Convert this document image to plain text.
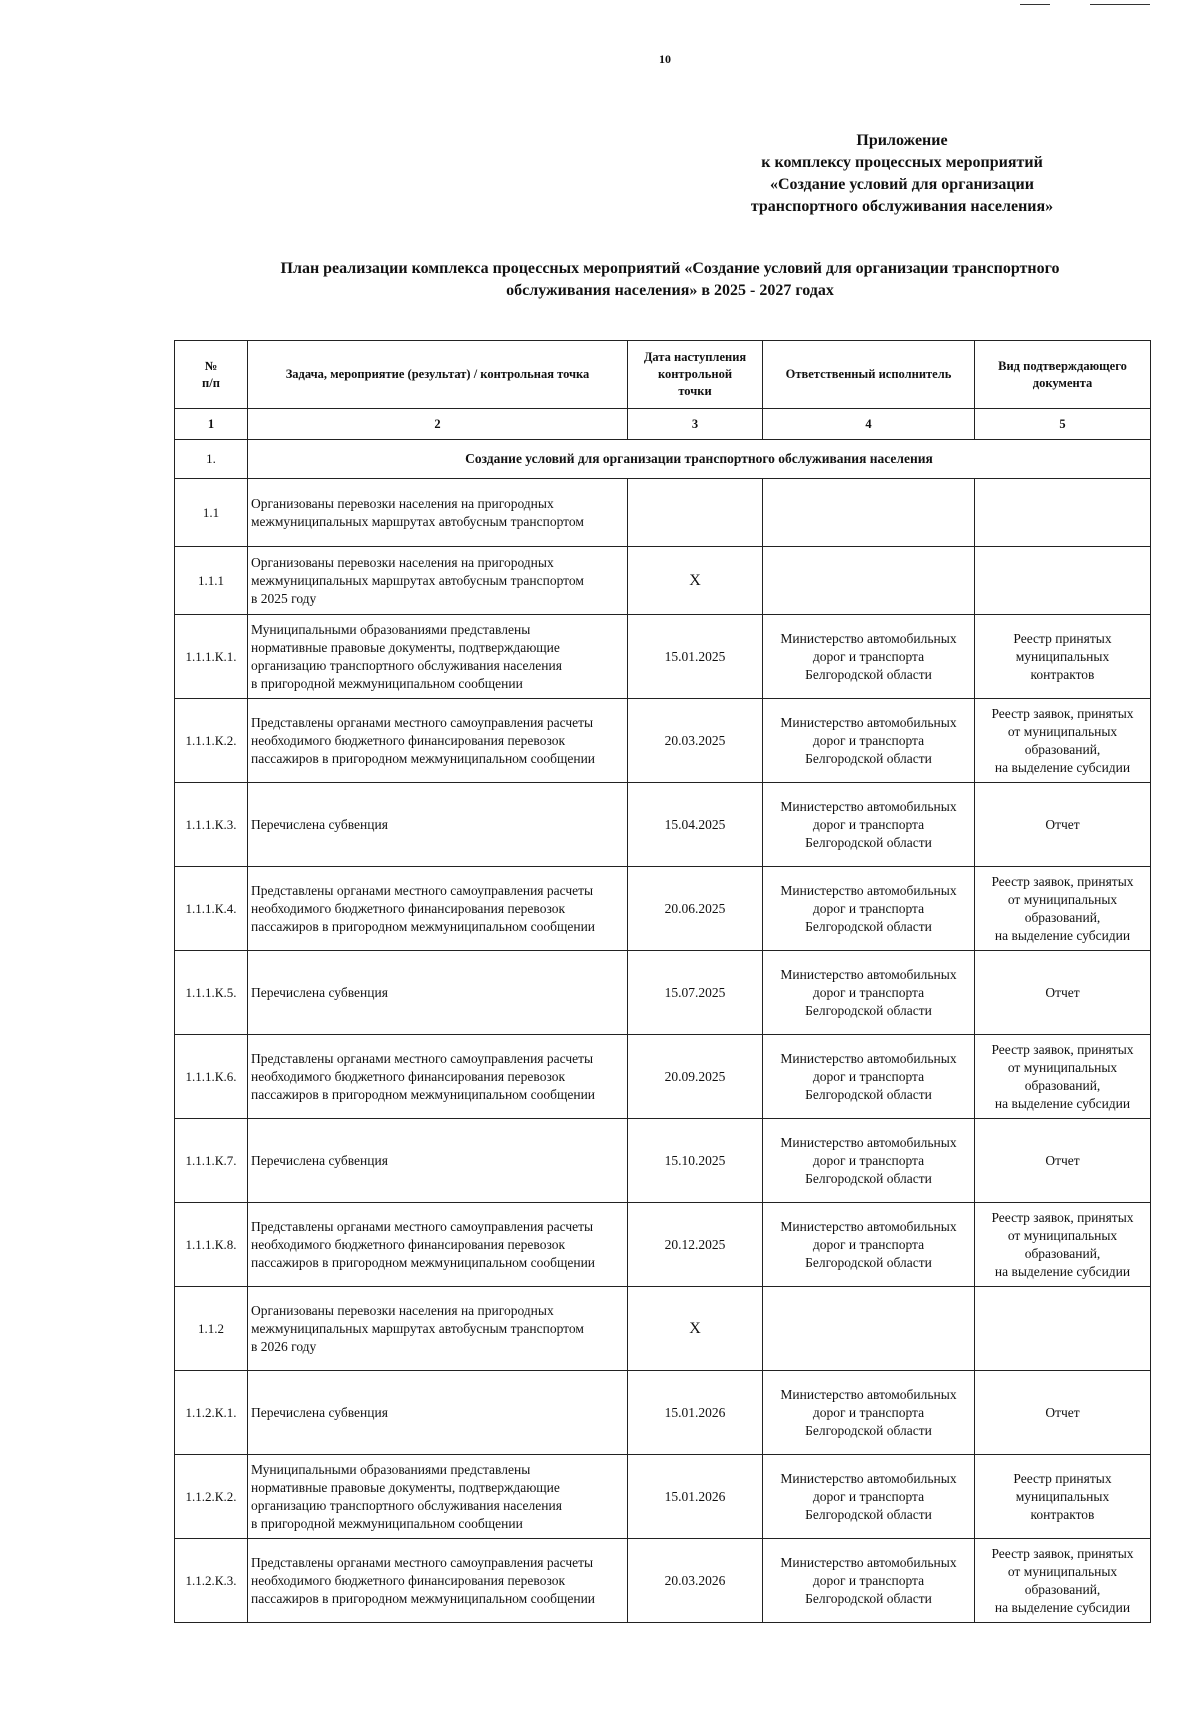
10
Приложение
к комплексу процессных мероприятий
«Создание условий для организации
транспортного обслуживания населения»
План реализации комплекса процессных мероприятий «Создание условий для организации транспортного
обслуживания населения» в 2025 - 2027 годах
№
п/п	Задача, мероприятие (результат) / контрольная точка	Дата наступления
контрольной
точки	Ответственный исполнитель	Вид подтверждающего
документа

1	2	3	4	5
1.	Создание условий для организации транспортного обслуживания населения			
1.1	Организованы перевозки населения на пригородных
межмуниципальных маршрутах автобусным транспортом			

1.1.1	Организованы перевозки населения на пригородных
межмуниципальных маршрутах автобусным транспортом
в 2025 году	Х		
1.1.1.К.1.	Муниципальными образованиями представлены
нормативные правовые документы, подтверждающие
организацию транспортного обслуживания населения
в пригородной межмуниципальном сообщении	15.01.2025	Министерство автомобильных
дорог и транспорта
Белгородской области	Реестр принятых
муниципальных
контрактов

1.1.1.К.2.	Представлены органами местного самоуправления расчеты
необходимого бюджетного финансирования перевозок
пассажиров в пригородном межмуниципальном сообщении	20.03.2025	Министерство автомобильных
дорог и транспорта
Белгородской области	Реестр заявок, принятых
от муниципальных
образований,
на выделение субсидии

1.1.1.К.3.	Перечислена субвенция	15.04.2025	Министерство автомобильных
дорог и транспорта
Белгородской области	Отчет

1.1.1.К.4.	Представлены органами местного самоуправления расчеты
необходимого бюджетного финансирования перевозок
пассажиров в пригородном межмуниципальном сообщении	20.06.2025	Министерство автомобильных
дорог и транспорта
Белгородской области	Реестр заявок, принятых
от муниципальных
образований,
на выделение субсидии

1.1.1.К.5.	Перечислена субвенция	15.07.2025	Министерство автомобильных
дорог и транспорта
Белгородской области	Отчет

1.1.1.К.6.	Представлены органами местного самоуправления расчеты
необходимого бюджетного финансирования перевозок
пассажиров в пригородном межмуниципальном сообщении	20.09.2025	Министерство автомобильных
дорог и транспорта
Белгородской области	Реестр заявок, принятых
от муниципальных
образований,
на выделение субсидии

1.1.1.К.7.	Перечислена субвенция	15.10.2025	Министерство автомобильных
дорог и транспорта
Белгородской области	Отчет

1.1.1.К.8.	Представлены органами местного самоуправления расчеты
необходимого бюджетного финансирования перевозок
пассажиров в пригородном межмуниципальном сообщении	20.12.2025	Министерство автомобильных
дорог и транспорта
Белгородской области	Реестр заявок, принятых
от муниципальных
образований,
на выделение субсидии

1.1.2	Организованы перевозки населения на пригородных
межмуниципальных маршрутах автобусным транспортом
в 2026 году	Х		
1.1.2.К.1.	Перечислена субвенция	15.01.2026	Министерство автомобильных
дорог и транспорта
Белгородской области	Отчет

1.1.2.К.2.	Муниципальными образованиями представлены
нормативные правовые документы, подтверждающие
организацию транспортного обслуживания населения
в пригородной межмуниципальном сообщении	15.01.2026	Министерство автомобильных
дорог и транспорта
Белгородской области	Реестр принятых
муниципальных
контрактов

1.1.2.К.3.	Представлены органами местного самоуправления расчеты
необходимого бюджетного финансирования перевозок
пассажиров в пригородном межмуниципальном сообщении	20.03.2026	Министерство автомобильных
дорог и транспорта
Белгородской области	Реестр заявок, принятых
от муниципальных
образований,
на выделение субсидии
